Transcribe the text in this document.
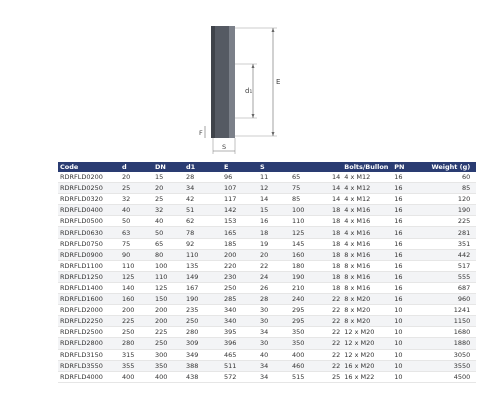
E
d₁
F
S
Code	d	DN	d1	E	S			Bolts/Bullon	PN	Weight (g)
RDRFLD0200	20	15	28	96	11	65	14	4 x M12	16	60
RDRFLD0250	25	20	34	107	12	75	14	4 x M12	16	85
RDRFLD0320	32	25	42	117	14	85	14	4 x M12	16	120
RDRFLD0400	40	32	51	142	15	100	18	4 x M16	16	190
RDRFLD0500	50	40	62	153	16	110	18	4 x M16	16	225
RDRFLD0630	63	50	78	165	18	125	18	4 x M16	16	281
RDRFLD0750	75	65	92	185	19	145	18	4 x M16	16	351
RDRFLD0900	90	80	110	200	20	160	18	8 x M16	16	442
RDRFLD1100	110	100	135	220	22	180	18	8 x M16	16	517
RDRFLD1250	125	110	149	230	24	190	18	8 x M16	16	555
RDRFLD1400	140	125	167	250	26	210	18	8 x M16	16	687
RDRFLD1600	160	150	190	285	28	240	22	8 x M20	16	960
RDRFLD2000	200	200	235	340	30	295	22	8 x M20	10	1241
RDRFLD2250	225	200	250	340	30	295	22	8 x M20	10	1150
RDRFLD2500	250	225	280	395	34	350	22	12 x M20	10	1680
RDRFLD2800	280	250	309	396	30	350	22	12 x M20	10	1880
RDRFLD3150	315	300	349	465	40	400	22	12 x M20	10	3050
RDRFLD3550	355	350	388	511	34	460	22	16 x M20	10	3550
RDRFLD4000	400	400	438	572	34	515	25	16 x M22	10	4500
